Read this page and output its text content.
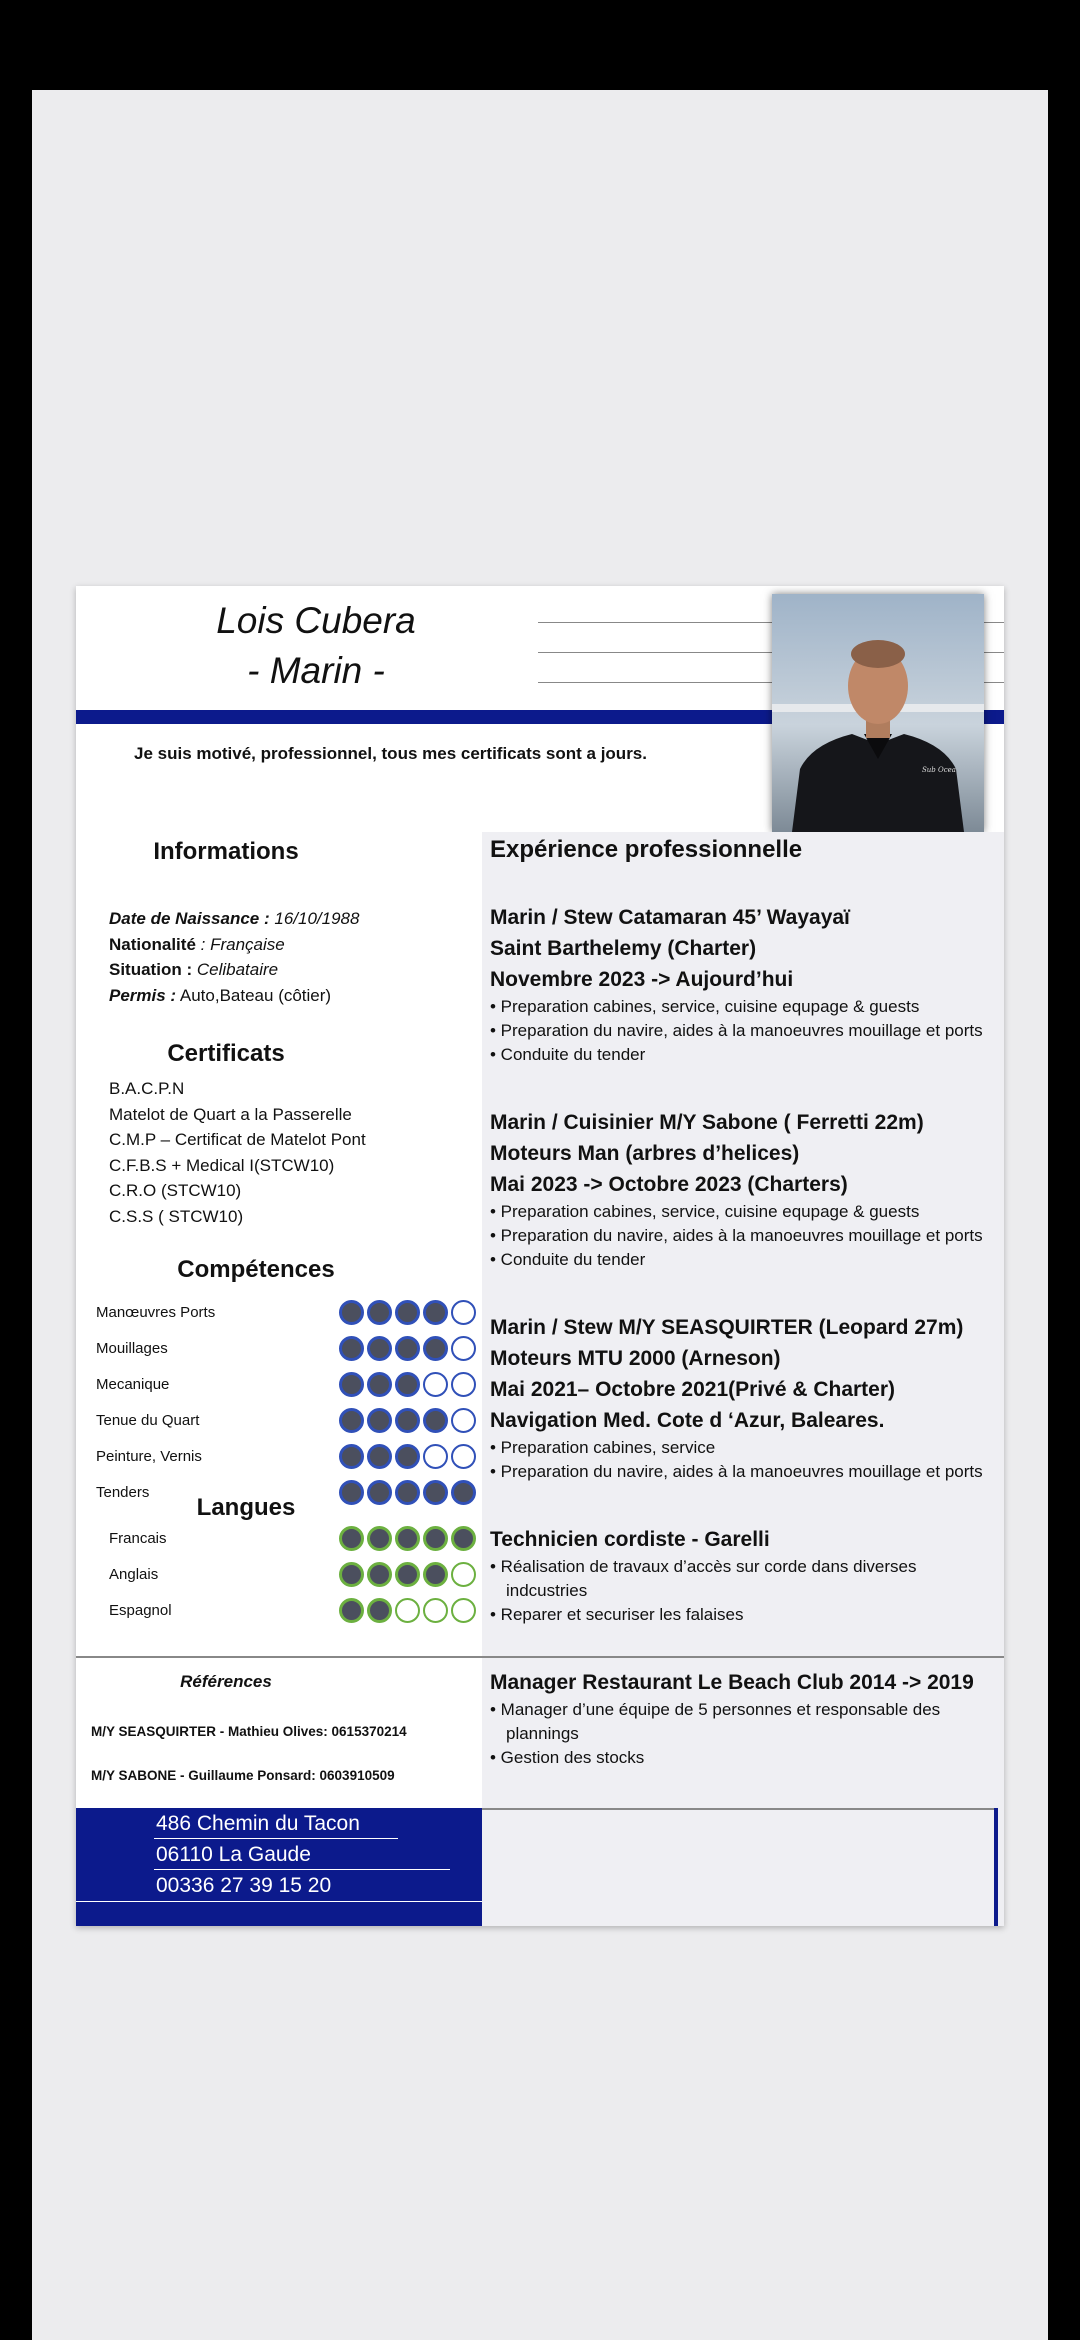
Lois Cubera
- Marin -
Sub Ocea
Je suis motivé, professionnel, tous mes certificats sont a jours.
Informations
Date de Naissance : 16/10/1988
Nationalité : Française
Situation : Celibataire
Permis : Auto,Bateau (côtier)
Certificats
B.A.C.P.N
Matelot de Quart a la Passerelle
C.M.P – Certificat de Matelot Pont
C.F.B.S + Medical I(STCW10)
C.R.O (STCW10)
C.S.S ( STCW10)
Compétences
Manœuvres Ports
Mouillages
Mecanique
Tenue du Quart
Peinture, Vernis
Tenders
Langues
Francais
Anglais
Espagnol
Expérience professionnelle
Marin / Stew Catamaran 45’ Wayayaï
Saint Barthelemy (Charter)
Novembre 2023 -> Aujourd’hui
• Preparation cabines, service, cuisine equpage & guests
• Preparation du navire, aides à la manoeuvres mouillage et ports
• Conduite du tender
Marin / Cuisinier M/Y Sabone ( Ferretti 22m)
Moteurs Man (arbres d’helices)
Mai 2023 -> Octobre 2023 (Charters)
• Preparation cabines, service, cuisine equpage & guests
• Preparation du navire, aides à la manoeuvres mouillage et ports
• Conduite du tender
Marin / Stew M/Y SEASQUIRTER (Leopard 27m)
Moteurs MTU 2000 (Arneson)
Mai 2021– Octobre 2021(Privé & Charter)
Navigation Med. Cote d ‘Azur, Baleares.
• Preparation cabines, service
• Preparation du navire, aides à la manoeuvres mouillage et ports
Technicien cordiste - Garelli
• Réalisation de travaux d’accès sur corde dans diverses indcustries
• Reparer et securiser les falaises
Manager Restaurant Le Beach Club 2014 -> 2019
• Manager d’une équipe de 5 personnes et responsable des plannings
• Gestion des stocks
Références
M/Y SEASQUIRTER - Mathieu Olives: 0615370214
M/Y SABONE - Guillaume Ponsard: 0603910509
486 Chemin du Tacon
06110 La Gaude
00336 27 39 15 20
